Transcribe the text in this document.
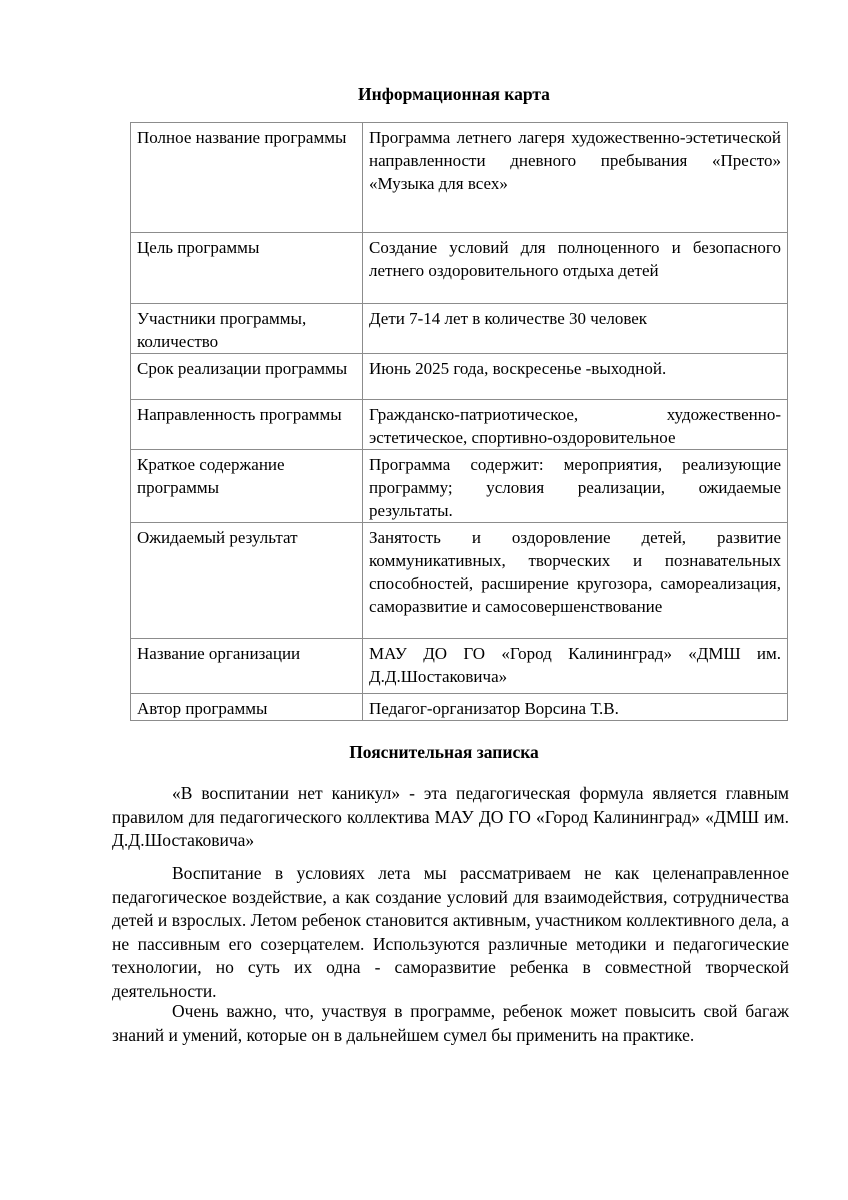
Информационная карта
Полное название программы	Программа летнего лагеря художественно-эстетической направленности дневного пребывания «Престо» «Музыка для всех»
Цель программы	Создание условий для полноценного и безопасного летнего оздоровительного отдыха детей
Участники программы, количество	Дети 7-14 лет в количестве 30 человек
Срок реализации программы	Июнь 2025 года, воскресенье -выходной.
Направленность программы	Гражданско-патриотическое, художественно-эстетическое, спортивно-оздоровительное
Краткое содержание программы	Программа содержит: мероприятия, реализующие программу; условия реализации, ожидаемые результаты.
Ожидаемый результат	Занятость и оздоровление детей, развитие коммуникативных, творческих и познавательных способностей, расширение кругозора, самореализация, саморазвитие и самосовершенствование
Название организации	МАУ ДО ГО «Город Калининград» «ДМШ им. Д.Д.Шостаковича»
Автор программы	Педагог-организатор Ворсина Т.В.
Пояснительная записка
«В воспитании нет каникул» - эта педагогическая формула является главным правилом для педагогического коллектива МАУ ДО ГО «Город Калининград» «ДМШ им. Д.Д.Шостаковича»
Воспитание в условиях лета мы рассматриваем не как целенаправленное педагогическое воздействие, а как создание условий для взаимодействия, сотрудничества детей и взрослых. Летом ребенок становится активным, участником коллективного дела, а не пассивным его созерцателем. Используются различные методики и педагогические технологии, но суть их одна - саморазвитие ребенка в совместной творческой деятельности.
Очень важно, что, участвуя в программе, ребенок может повысить свой багаж знаний и умений, которые он в дальнейшем сумел бы применить на практике.
